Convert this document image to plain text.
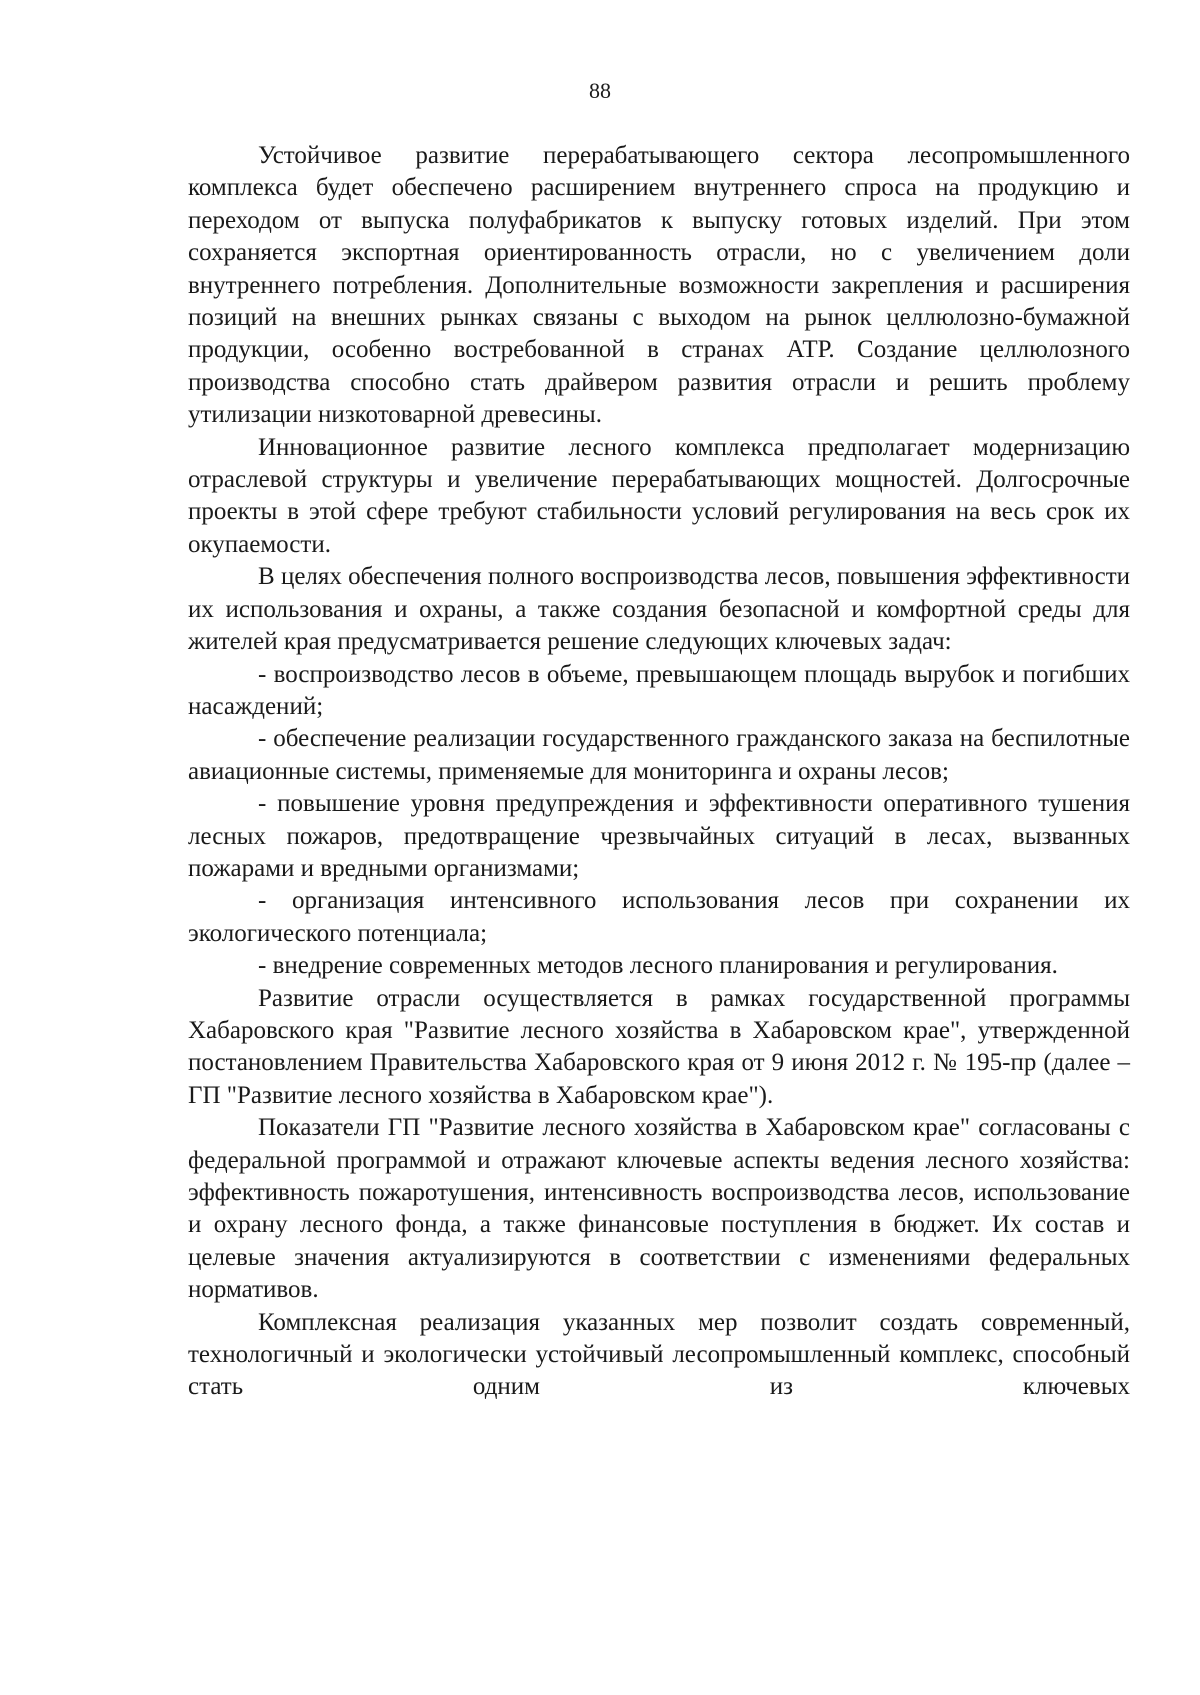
88

Устойчивое развитие перерабатывающего сектора лесопромышленного комплекса будет обеспечено расширением внутреннего спроса на продукцию и переходом от выпуска полуфабрикатов к выпуску готовых изделий. При этом сохраняется экспортная ориентированность отрасли, но с увеличением доли внутреннего потребления. Дополнительные возможности закрепления и расширения позиций на внешних рынках связаны с выходом на рынок целлюлозно-бумажной продукции, особенно востребованной в странах АТР. Создание целлюлозного производства способно стать драйвером развития отрасли и решить проблему утилизации низкотоварной древесины.

Инновационное развитие лесного комплекса предполагает модернизацию отраслевой структуры и увеличение перерабатывающих мощностей. Долгосрочные проекты в этой сфере требуют стабильности условий регулирования на весь срок их окупаемости.

В целях обеспечения полного воспроизводства лесов, повышения эффективности их использования и охраны, а также создания безопасной и комфортной среды для жителей края предусматривается решение следующих ключевых задач:

- воспроизводство лесов в объеме, превышающем площадь вырубок и погибших насаждений;

- обеспечение реализации государственного гражданского заказа на беспилотные авиационные системы, применяемые для мониторинга и охраны лесов;

- повышение уровня предупреждения и эффективности оперативного тушения лесных пожаров, предотвращение чрезвычайных ситуаций в лесах, вызванных пожарами и вредными организмами;

- организация интенсивного использования лесов при сохранении их экологического потенциала;

- внедрение современных методов лесного планирования и регулирования.

Развитие отрасли осуществляется в рамках государственной программы Хабаровского края "Развитие лесного хозяйства в Хабаровском крае", утвержденной постановлением Правительства Хабаровского края от 9 июня 2012 г. № 195-пр (далее – ГП "Развитие лесного хозяйства в Хабаровском крае").

Показатели ГП "Развитие лесного хозяйства в Хабаровском крае" согласованы с федеральной программой и отражают ключевые аспекты ведения лесного хозяйства: эффективность пожаротушения, интенсивность воспроизводства лесов, использование и охрану лесного фонда, а также финансовые поступления в бюджет. Их состав и целевые значения актуализируются в соответствии с изменениями федеральных нормативов.

Комплексная реализация указанных мер позволит создать современный, технологичный и экологически устойчивый лесопромышленный комплекс, способный стать одним из ключевых
